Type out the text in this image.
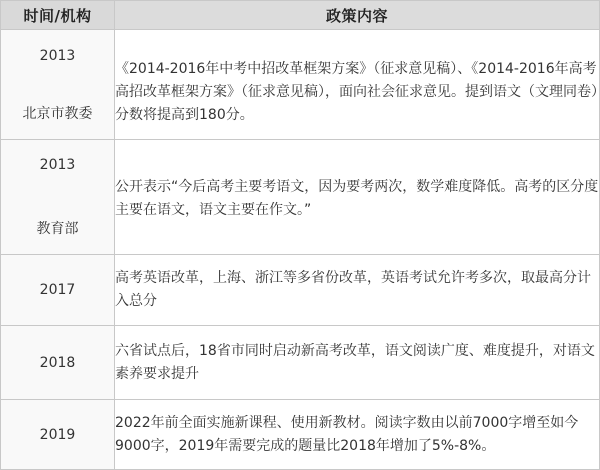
时间/机构	政策内容

2013
北京市教委	《2014-2016年中考中招改革框架方案》（征求意见稿）、《2014-2016年高考高招改革框架方案》（征求意见稿），面向社会征求意见。提到语文（文理同卷）分数将提高到180分。

2013
教育部	公开表示“今后高考主要考语文，因为要考两次，数学难度降低。高考的区分度主要在语文，语文主要在作文。”
2017	高考英语改革，上海、浙江等多省份改革，英语考试允许考多次，取最高分计入总分
2018	六省试点后，18省市同时启动新高考改革，语文阅读广度、难度提升，对语文素养要求提升
2019	2022年前全面实施新课程、使用新教材。阅读字数由以前7000字增至如今9000字，2019年需要完成的题量比2018年增加了5%-8%。
